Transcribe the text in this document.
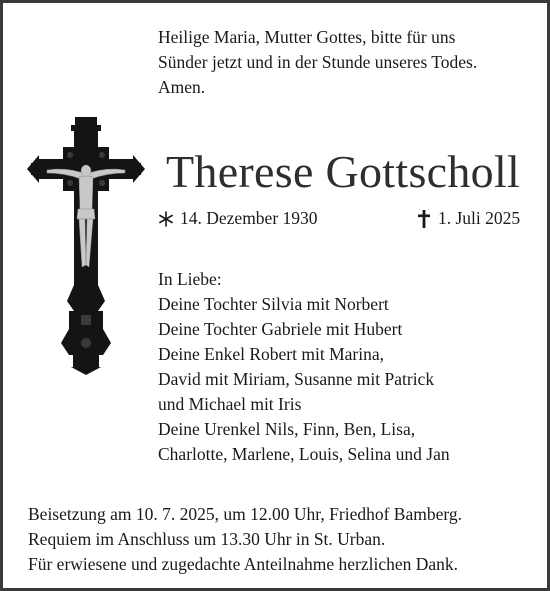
Heilige Maria, Mutter Gottes, bitte für uns
Sünder jetzt und in der Stunde unseres Todes.
Amen.
Therese Gottscholl
14. Dezember 1930	1. Juli 2025
In Liebe:
Deine Tochter Silvia mit Norbert
Deine Tochter Gabriele mit Hubert
Deine Enkel Robert mit Marina,
David mit Miriam, Susanne mit Patrick
und Michael mit Iris
Deine Urenkel Nils, Finn, Ben, Lisa,
Charlotte, Marlene, Louis, Selina und Jan
Beisetzung am 10. 7. 2025, um 12.00 Uhr, Friedhof Bamberg.
Requiem im Anschluss um 13.30 Uhr in St. Urban.
Für erwiesene und zugedachte Anteilnahme herzlichen Dank.
